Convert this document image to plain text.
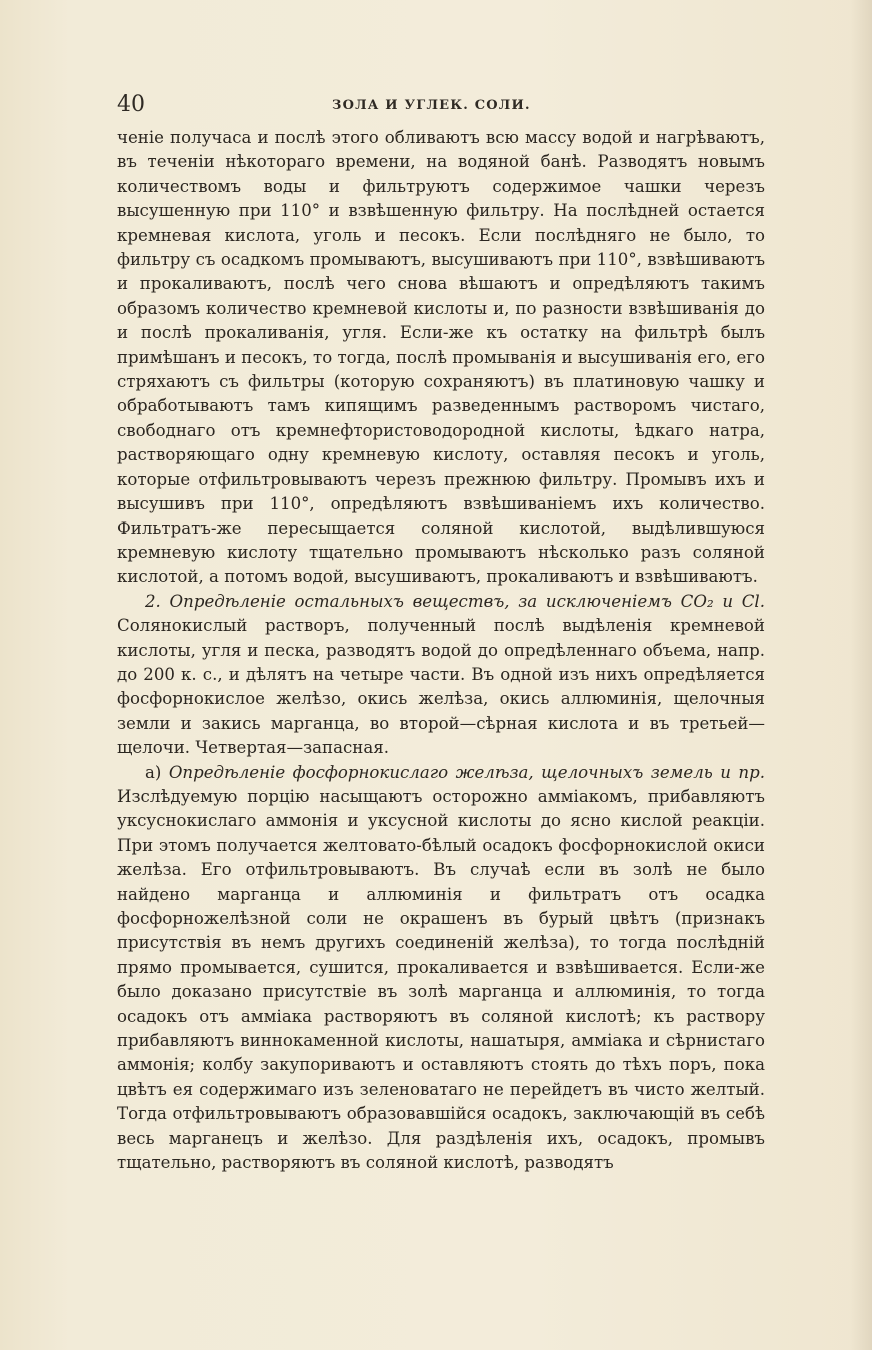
40	ЗОЛА И УГЛЕК. СОЛИ.

ченіе получаса и послѣ этого обливаютъ всю массу водой и нагрѣваютъ, въ теченіи нѣкотораго времени, на водяной банѣ. Разводятъ новымъ количествомъ воды и фильтруютъ содержимое чашки черезъ высушенную при 110° и взвѣшенную фильтру. На послѣдней остается кремневая кислота, уголь и песокъ. Если послѣдняго не было, то фильтру съ осадкомъ промываютъ, высушиваютъ при 110°, взвѣшиваютъ и прокаливаютъ, послѣ чего снова вѣшаютъ и опредѣляютъ такимъ образомъ количество кремневой кислоты и, по разности взвѣшиванія до и послѣ прокаливанія, угля. Если-же къ остатку на фильтрѣ былъ примѣшанъ и песокъ, то тогда, послѣ промыванія и высушиванія его, его стряхаютъ съ фильтры (которую сохраняютъ) въ платиновую чашку и обработываютъ тамъ кипящимъ разведеннымъ растворомъ чистаго, свободнаго отъ кремнефтористоводородной кислоты, ѣдкаго натра, растворяющаго одну кремневую кислоту, оставляя песокъ и уголь, которые отфильтровываютъ черезъ прежнюю фильтру. Промывъ ихъ и высушивъ при 110°, опредѣляютъ взвѣшиваніемъ ихъ количество. Фильтратъ-же пересыщается соляной кислотой, выдѣлившуюся кремневую кислоту тщательно промываютъ нѣсколько разъ соляной кислотой, а потомъ водой, высушиваютъ, прокаливаютъ и взвѣшиваютъ.

2. Опредѣленіе остальныхъ веществъ, за исключеніемъ CO₂ и Cl. Солянокислый растворъ, полученный послѣ выдѣленія кремневой кислоты, угля и песка, разводятъ водой до опредѣленнаго объема, напр. до 200 к. с., и дѣлятъ на четыре части. Въ одной изъ нихъ опредѣляется фосфорнокислое желѣзо, окись желѣза, окись аллюминія, щелочныя земли и закись марганца, во второй—сѣрная кислота и въ третьей—щелочи. Четвертая—запасная.

а) Опредѣленіе фосфорнокислаго желѣза, щелочныхъ земель и пр. Изслѣдуемую порцію насыщаютъ осторожно амміакомъ, прибавляютъ уксуснокислаго аммонія и уксусной кислоты до ясно кислой реакціи. При этомъ получается желтовато-бѣлый осадокъ фосфорнокислой окиси желѣза. Его отфильтровываютъ. Въ случаѣ если въ золѣ не было найдено марганца и аллюминія и фильтратъ отъ осадка фосфорножелѣзной соли не окрашенъ въ бурый цвѣтъ (признакъ присутствія въ немъ другихъ соединеній желѣза), то тогда послѣдній прямо промывается, сушится, прокаливается и взвѣшивается. Если-же было доказано присутствіе въ золѣ марганца и аллюминія, то тогда осадокъ отъ амміака растворяютъ въ соляной кислотѣ; къ раствору прибавляютъ виннокаменной кислоты, нашатыря, амміака и сѣрнистаго аммонія; колбу закупориваютъ и оставляютъ стоять до тѣхъ поръ, пока цвѣтъ ея содержимаго изъ зеленоватаго не перейдетъ въ чисто желтый. Тогда отфильтровываютъ образовавшійся осадокъ, заключающій въ себѣ весь марганецъ и желѣзо. Для раздѣленія ихъ, осадокъ, промывъ тщательно, растворяютъ въ соляной кислотѣ, разводятъ
